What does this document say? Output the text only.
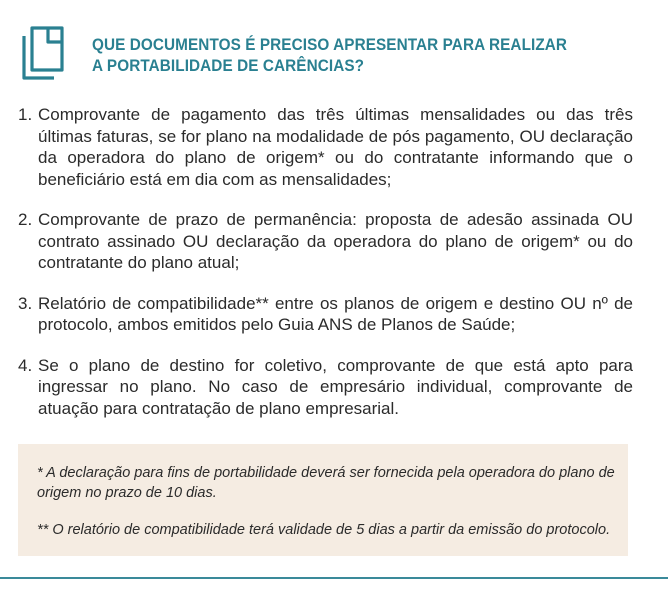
QUE DOCUMENTOS É PRECISO APRESENTAR PARA REALIZAR
A PORTABILIDADE DE CARÊNCIAS?
1. Comprovante de pagamento das três últimas mensalidades ou das três últimas faturas, se for plano na modalidade de pós pagamento, OU declaração da operadora do plano de origem* ou do contratante informando que o beneficiário está em dia com as mensalidades;
2. Comprovante de prazo de permanência: proposta de adesão assinada OU contrato assinado OU declaração da operadora do plano de origem* ou do contratante do plano atual;
3. Relatório de compatibilidade** entre os planos de origem e destino OU nº de protocolo, ambos emitidos pelo Guia ANS de Planos de Saúde;
4. Se o plano de destino for coletivo, comprovante de que está apto para ingressar no plano. No caso de empresário individual, comprovante de atuação para contratação de plano empresarial.
* A declaração para fins de portabilidade deverá ser fornecida pela operadora do plano de origem no prazo de 10 dias.
** O relatório de compatibilidade terá validade de 5 dias a partir da emissão do protocolo.
